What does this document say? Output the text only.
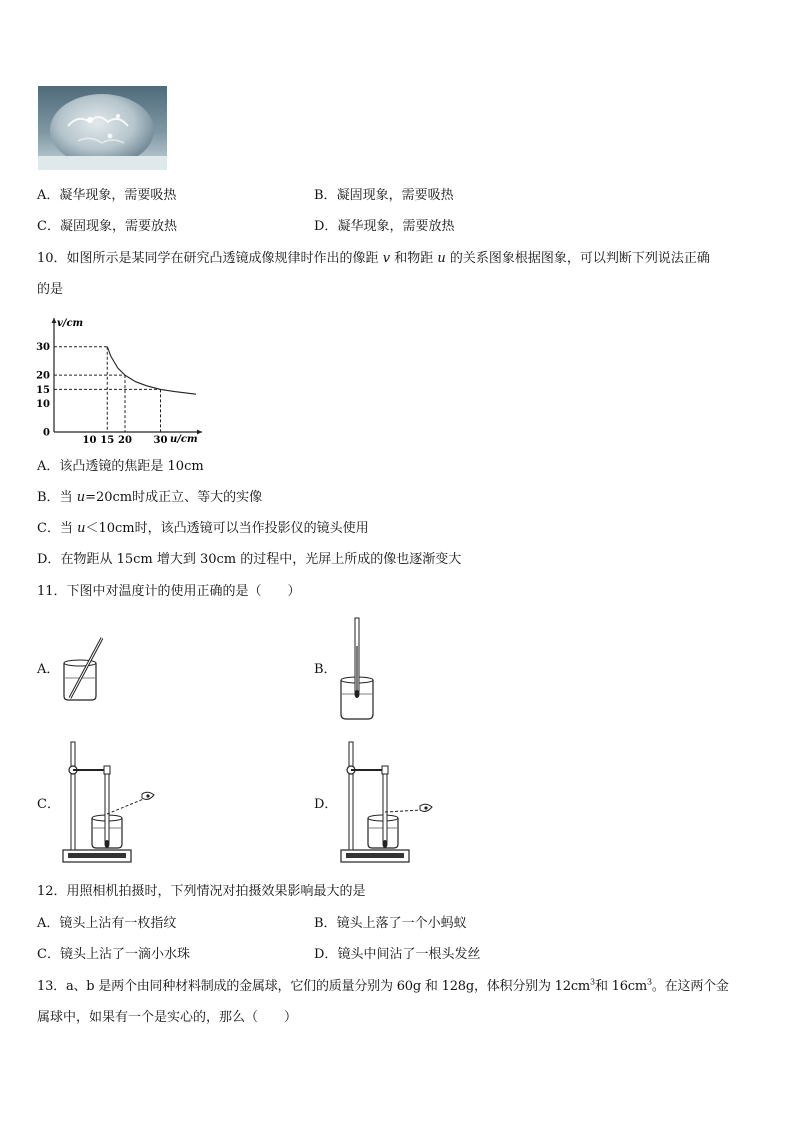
A．凝华现象，需要吸热	B．凝固现象，需要吸热
C．凝固现象，需要放热	D．凝华现象，需要放热
10．如图所示是某同学在研究凸透镜成像规律时作出的像距 v 和物距 u 的关系图象根据图象，可以判断下列说法正确
的是
v/cm
u/cm
0
10
15
20
30
10 15 20 30
A．该凸透镜的焦距是 10cm
B．当 u=20cm时成正立、等大的实像
C．当 u＜10cm时，该凸透镜可以当作投影仪的镜头使用
D．在物距从 15cm 增大到 30cm 的过程中，光屏上所成的像也逐渐变大
11．下图中对温度计的使用正确的是（　　）
A．	B．
C．	D．
12．用照相机拍摄时，下列情况对拍摄效果影响最大的是
A．镜头上沾有一枚指纹	B．镜头上落了一个小蚂蚁
C．镜头上沾了一滴小水珠	D．镜头中间沾了一根头发丝
13．a、b 是两个由同种材料制成的金属球，它们的质量分别为 60g 和 128g，体积分别为 $12cm^3$和 $16cm^3$。在这两个金
属球中，如果有一个是实心的，那么（　　）
